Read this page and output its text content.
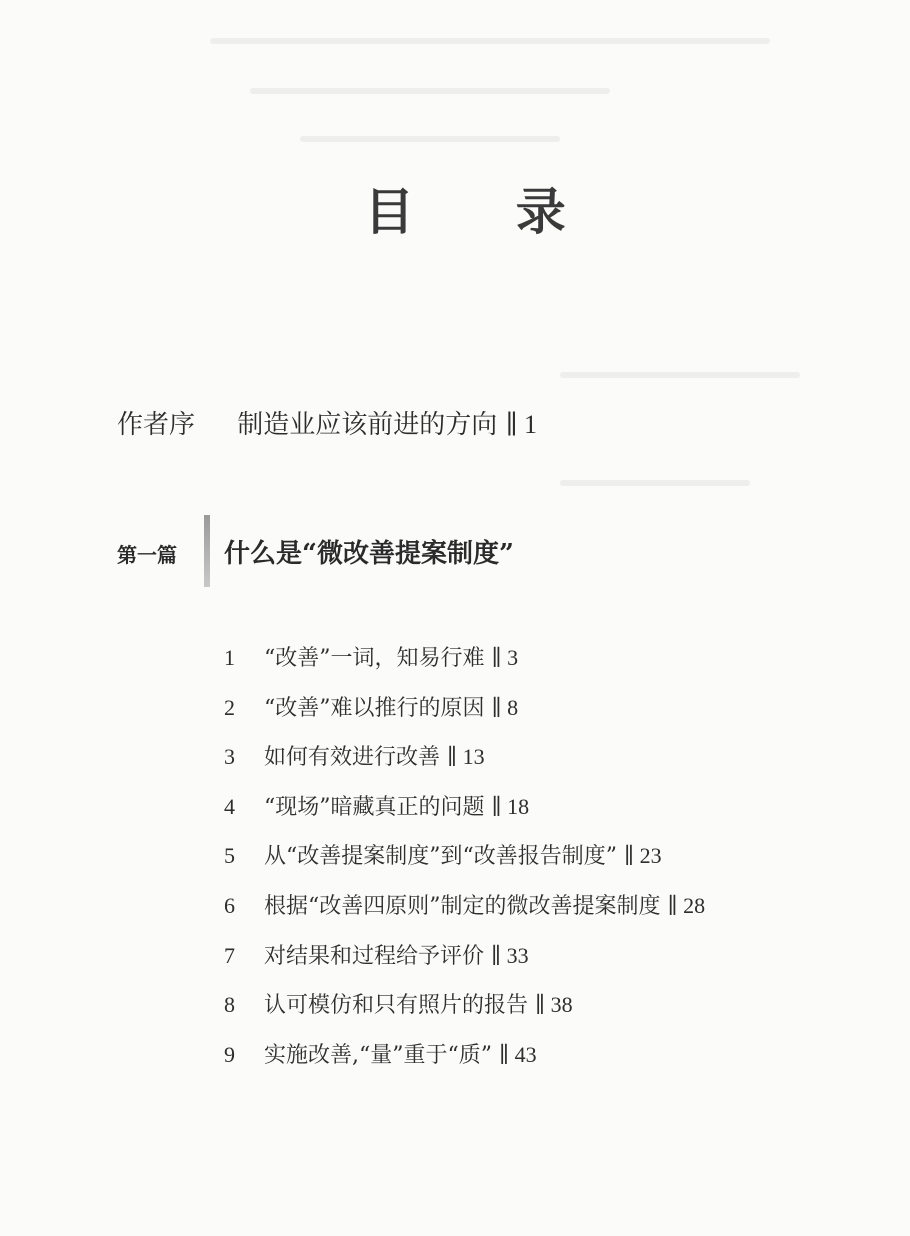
目 录
作者序 制造业应该前进的方向 ∥ 1
第一篇 什么是“微改善提案制度”
1 “改善”一词，知易行难 ∥ 3
2 “改善”难以推行的原因 ∥ 8
3 如何有效进行改善 ∥ 13
4 “现场”暗藏真正的问题 ∥ 18
5 从“改善提案制度”到“改善报告制度” ∥ 23
6 根据“改善四原则”制定的微改善提案制度 ∥ 28
7 对结果和过程给予评价 ∥ 33
8 认可模仿和只有照片的报告 ∥ 38
9 实施改善,“量”重于“质” ∥ 43
